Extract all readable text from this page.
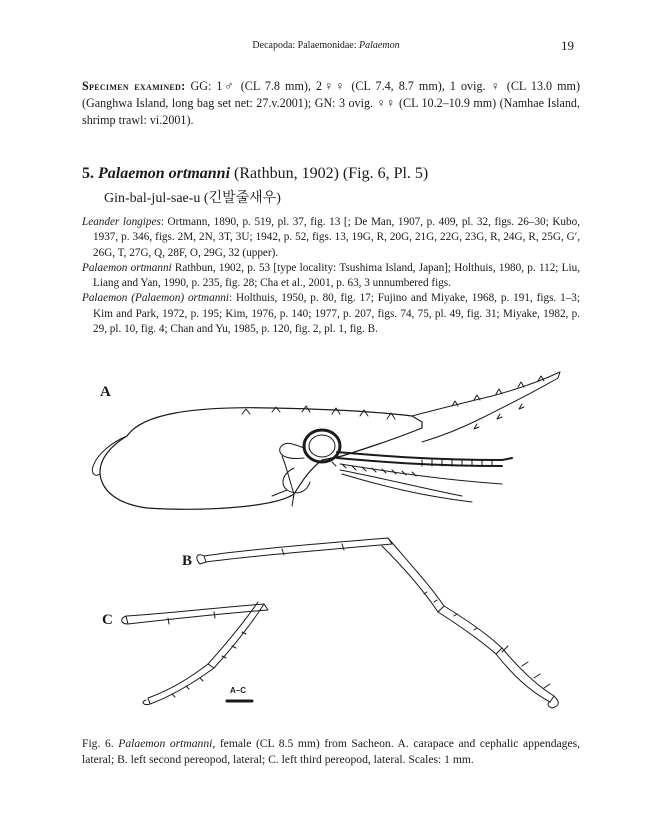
Decapoda: Palaemonidae: Palaemon	19

Specimen examined: GG: 1♂ (CL 7.8 mm), 2♀♀ (CL 7.4, 8.7 mm), 1 ovig. ♀ (CL 13.0 mm) (Ganghwa Island, long bag set net: 27.v.2001); GN: 3 ovig. ♀♀ (CL 10.2–10.9 mm) (Namhae Island, shrimp trawl: vi.2001).

5. Palaemon ortmanni (Rathbun, 1902) (Fig. 6, Pl. 5)
Gin-bal-jul-sae-u (긴발줄새우)

Leander longipes: Ortmann, 1890, p. 519, pl. 37, fig. 13 [; De Man, 1907, p. 409, pl. 32, figs. 26–30; Kubo, 1937, p. 346, figs. 2M, 2N, 3T, 3U; 1942, p. 52, figs. 13, 19G, R, 20G, 21G, 22G, 23G, R, 24G, R, 25G, G′, 26G, T, 27G, Q, 28F, O, 29G, 32 (upper).

Palaemon ortmanni Rathbun, 1902, p. 53 [type locality: Tsushima Island, Japan]; Holthuis, 1980, p. 112; Liu, Liang and Yan, 1990, p. 235, fig. 28; Cha et al., 2001, p. 63, 3 unnumbered figs.

Palaemon (Palaemon) ortmanni: Holthuis, 1950, p. 80, fig. 17; Fujino and Miyake, 1968, p. 191, figs. 1–3; Kim and Park, 1972, p. 195; Kim, 1976, p. 140; 1977, p. 207, figs. 74, 75, pl. 49, fig. 31; Miyake, 1982, p. 29, pl. 10, fig. 4; Chan and Yu, 1985, p. 120, fig. 2, pl. 1, fig. B.

A
B
C
A–C

Fig. 6. Palaemon ortmanni, female (CL 8.5 mm) from Sacheon. A. carapace and cephalic appendages, lateral; B. left second pereopod, lateral; C. left third pereopod, lateral. Scales: 1 mm.
